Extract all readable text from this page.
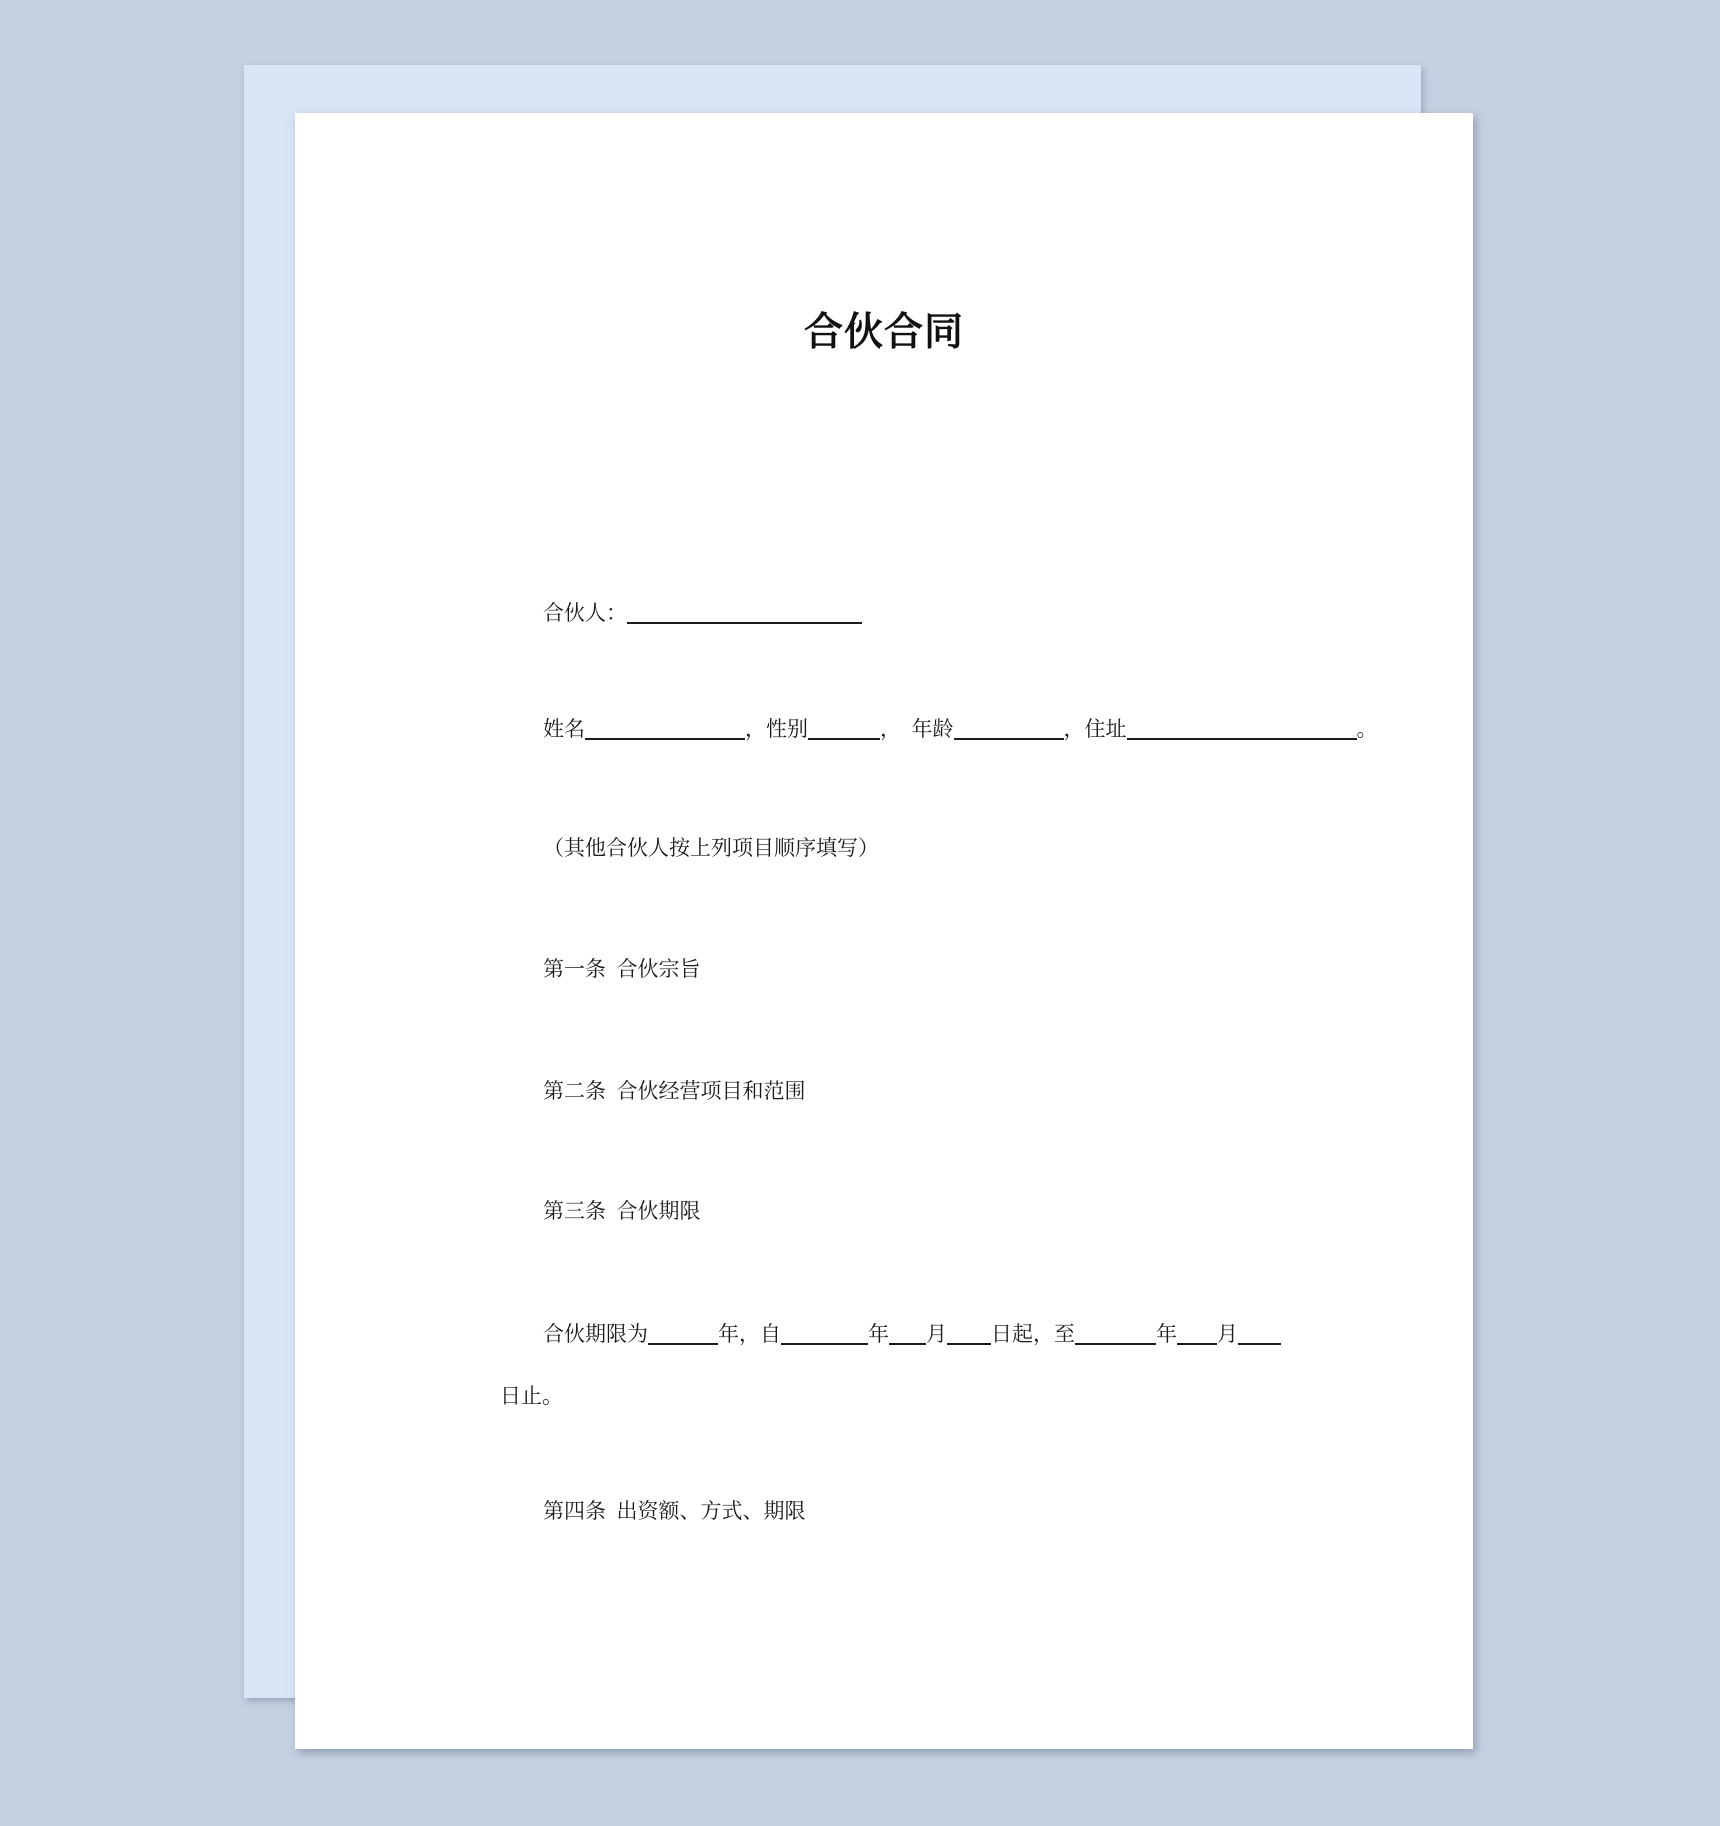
合伙合同
合伙人：
姓名	，性别	，　年龄	，住址	。
（其他合伙人按上列项目顺序填写）
第一条  合伙宗旨
第二条  合伙经营项目和范围
第三条  合伙期限
合伙期限为	年，自	年 月 日起，至	年 月
日止。
第四条  出资额、方式、期限
